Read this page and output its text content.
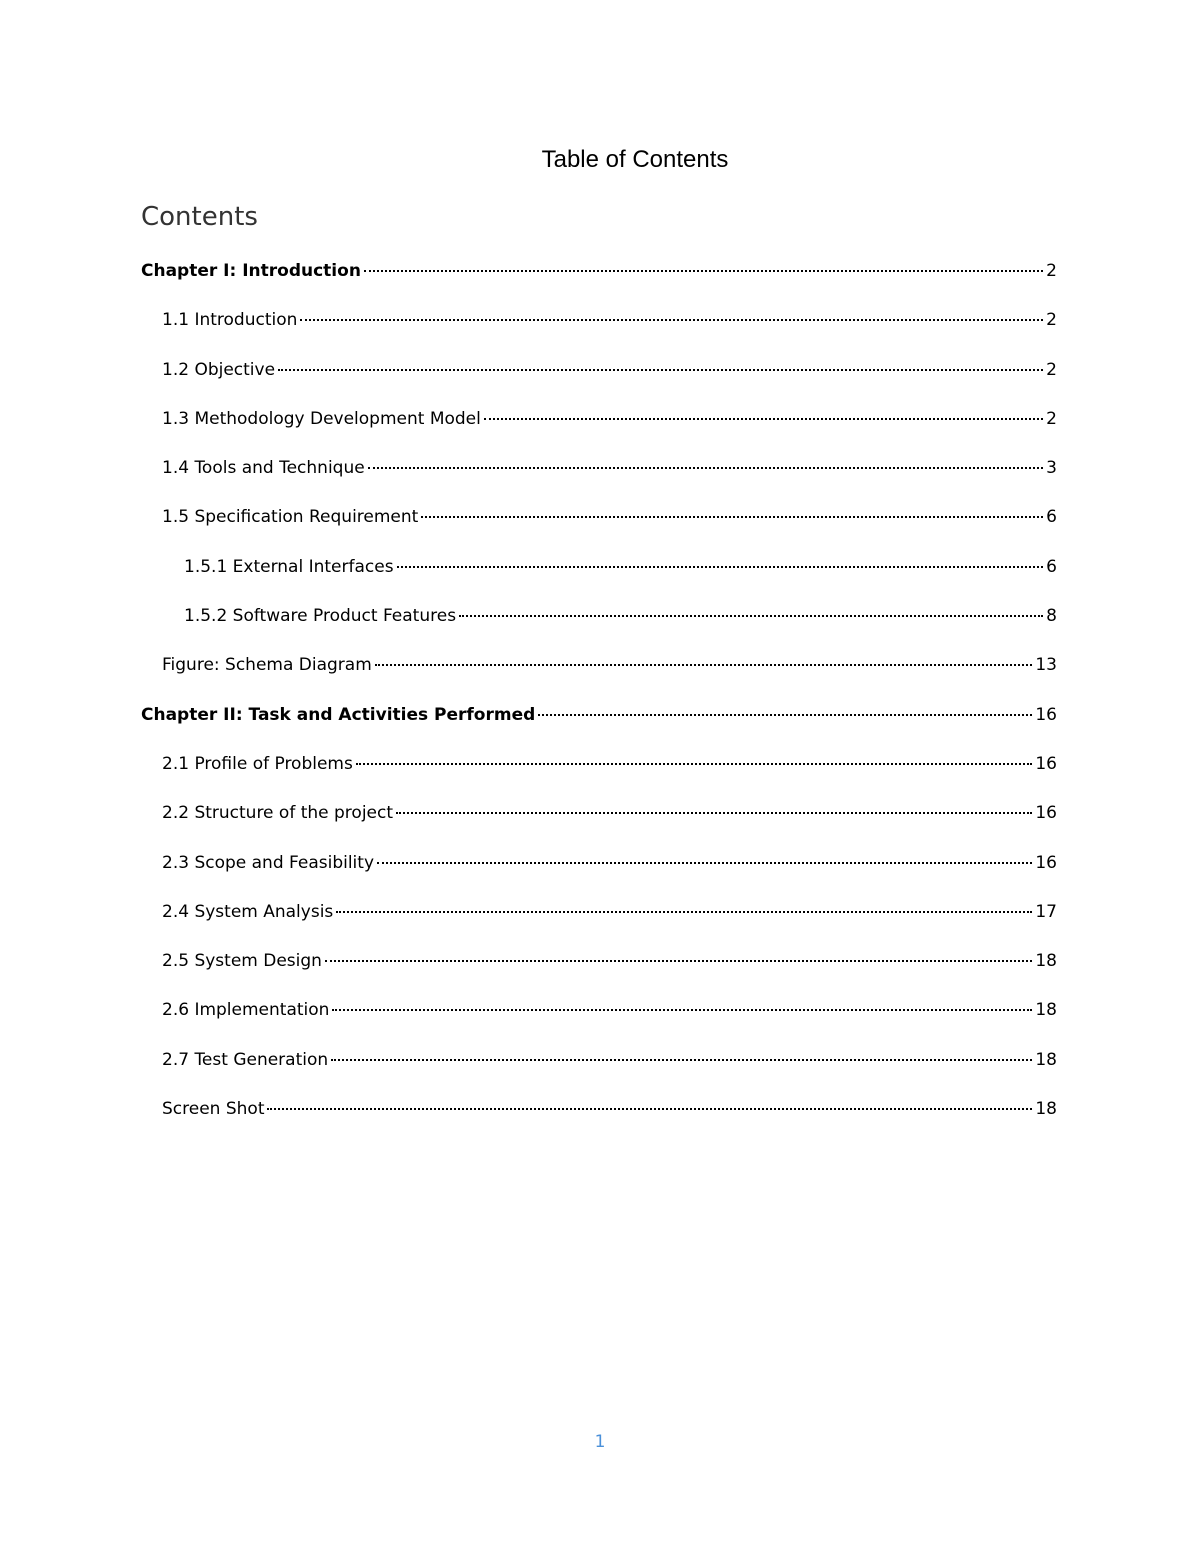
Table of Contents
Contents
Chapter I: Introduction	2
1.1 Introduction	2
1.2 Objective	2
1.3 Methodology Development Model	2
1.4 Tools and Technique	3
1.5 Specification Requirement	6
1.5.1 External Interfaces	6
1.5.2 Software Product Features	8
Figure: Schema Diagram	13
Chapter II: Task and Activities Performed	16
2.1 Profile of Problems	16
2.2 Structure of the project	16
2.3 Scope and Feasibility	16
2.4 System Analysis	17
2.5 System Design	18
2.6 Implementation	18
2.7 Test Generation	18
Screen Shot	18
1
